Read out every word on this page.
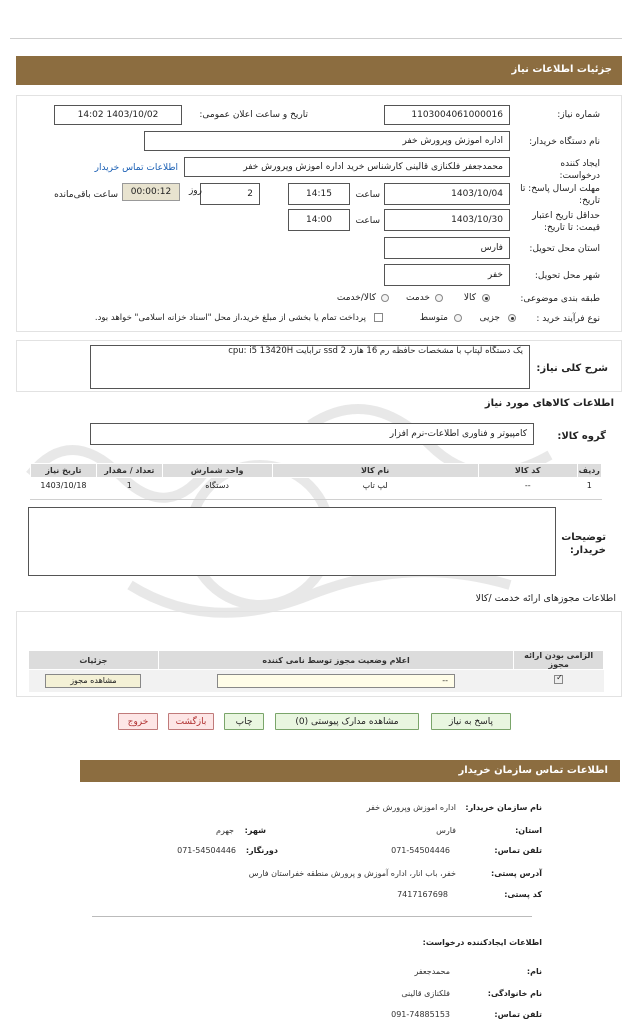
جزئیات اطلاعات نیاز
شماره نیاز:
1103004061000016
تاریخ و ساعت اعلان عمومی:
1403/10/02 14:02
نام دستگاه خریدار:
اداره اموزش وپرورش خفر
ایجاد کننده درخواست:
محمدجعفر فلکنازی قالینی کارشناس خرید اداره اموزش وپرورش خفر
اطلاعات تماس خریدار
مهلت ارسال پاسخ: تا تاریخ:
1403/10/04
ساعت
14:15
2
روز
00:00:12
ساعت باقی‌مانده
حداقل تاریخ اعتبار قیمت: تا تاریخ:
1403/10/30
ساعت
14:00
استان محل تحویل:
فارس
شهر محل تحویل:
خفر
طبقه بندی موضوعی:
کالا
خدمت
کالا/خدمت
نوع فرآیند خرید :
جزیی
متوسط
پرداخت تمام یا بخشی از مبلغ خرید،از محل "اسناد خزانه اسلامی" خواهد بود.
شرح کلی نیاز:
یک دستگاه لپتاپ با مشخصات حافظه رم 16 هارد 2 ssd ترابایت cpu: i5 13420H
اطلاعات کالاهای مورد نیاز
گروه کالا:
کامپیوتر و فناوری اطلاعات-نرم افزار
ردیف	کد کالا	نام کالا	واحد شمارش	تعداد / مقدار	تاریخ نیاز
1	--	لپ تاپ	دستگاه	1	1403/10/18
توضیحات خریدار:
اطلاعات مجوزهای ارائه خدمت /کالا
الزامی بودن ارائه مجوز	اعلام وضعیت مجوز توسط نامی کننده	جزئیات

✓	--	مشاهده مجوز
پاسخ به نیاز
مشاهده مدارک پیوستی (0)
چاپ
بازگشت
خروج
اطلاعات تماس سازمان خریدار
نام سازمان خریدار:
اداره اموزش وپرورش خفر
استان:
فارس
شهر:
جهرم
تلفن تماس:
071-54504446
دورنگار:
071-54504446
آدرس پستی:
خفر، باب انار، اداره آموزش و پرورش منطقه خفراستان فارس
کد پستی:
7417167698
اطلاعات ایجادکننده درخواست:
نام:
محمدجعفر
نام خانوادگی:
فلکنازی قالینی
تلفن تماس:
091-74885153
